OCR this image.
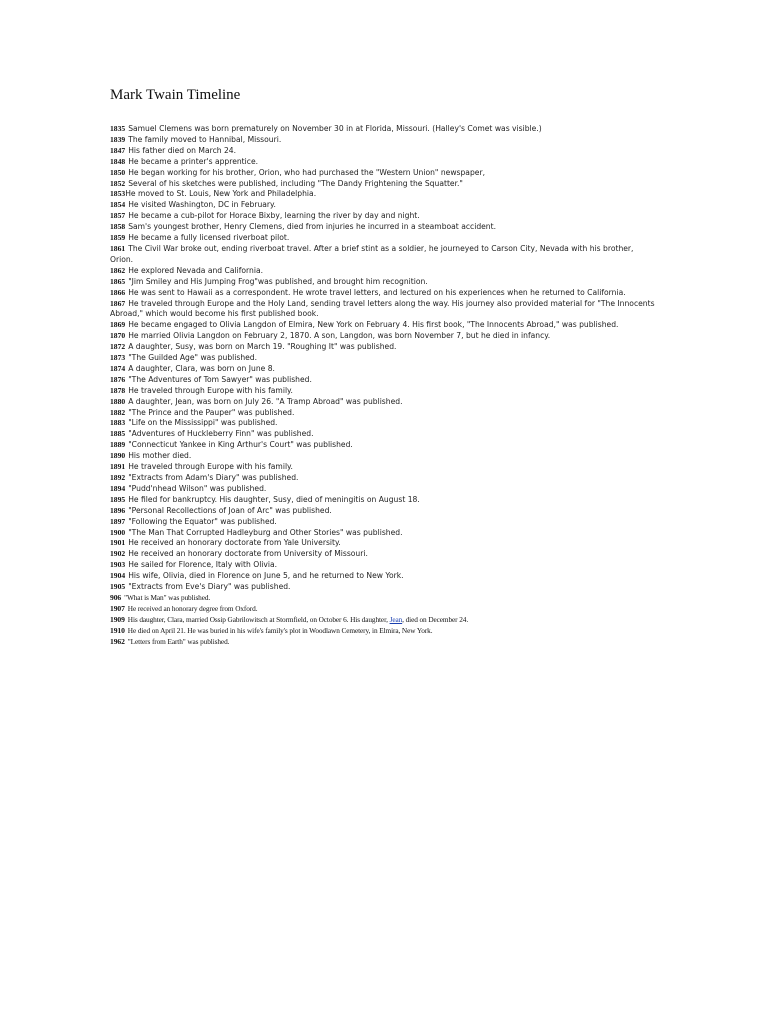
Mark Twain Timeline

1835 Samuel Clemens was born prematurely on November 30 in at Florida, Missouri. (Halley's Comet was visible.)

1839 The family moved to Hannibal, Missouri.

1847 His father died on March 24.

1848 He became a printer's apprentice.

1850 He began working for his brother, Orion, who had purchased the "Western Union" newspaper,

1852 Several of his sketches were published, including "The Dandy Frightening the Squatter."

1853He moved to St. Louis, New York and Philadelphia.

1854 He visited Washington, DC in February.

1857 He became a cub-pilot for Horace Bixby, learning the river by day and night.

1858 Sam's youngest brother, Henry Clemens, died from injuries he incurred in a steamboat accident.

1859 He became a fully licensed riverboat pilot.

1861 The Civil War broke out, ending riverboat travel. After a brief stint as a soldier, he journeyed to Carson City, Nevada with his brother, Orion.

1862 He explored Nevada and California.

1865 "Jim Smiley and His Jumping Frog"was published, and brought him recognition.

1866 He was sent to Hawaii as a correspondent. He wrote travel letters, and lectured on his experiences when he returned to California.

1867 He traveled through Europe and the Holy Land, sending travel letters along the way. His journey also provided material for "The Innocents Abroad," which would become his first published book.

1869 He became engaged to Olivia Langdon of Elmira, New York on February 4. His first book, "The Innocents Abroad," was published.

1870 He married Olivia Langdon on February 2, 1870. A son, Langdon, was born November 7, but he died in infancy.

1872 A daughter, Susy, was born on March 19. "Roughing It" was published.

1873 "The Guilded Age" was published.

1874 A daughter, Clara, was born on June 8.

1876 "The Adventures of Tom Sawyer" was published.

1878 He traveled through Europe with his family.

1880 A daughter, Jean, was born on July 26. "A Tramp Abroad" was published.

1882 "The Prince and the Pauper" was published.

1883 "Life on the Mississippi" was published.

1885 "Adventures of Huckleberry Finn" was published.

1889 "Connecticut Yankee in King Arthur's Court" was published.

1890 His mother died.

1891 He traveled through Europe with his family.

1892 "Extracts from Adam's Diary" was published.

1894 "Pudd'nhead Wilson" was published.

1895 He filed for bankruptcy. His daughter, Susy, died of meningitis on August 18.

1896 "Personal Recollections of Joan of Arc" was published.

1897 "Following the Equator" was published.

1900 "The Man That Corrupted Hadleyburg and Other Stories" was published.

1901 He received an honorary doctorate from Yale University.

1902 He received an honorary doctorate from University of Missouri.

1903 He sailed for Florence, Italy with Olivia.

1904 His wife, Olivia, died in Florence on June 5, and he returned to New York.

1905 "Extracts from Eve's Diary" was published.

906 "What is Man" was published.

1907 He received an honorary degree from Oxford.

1909 His daughter, Clara, married Ossip Gabrilowitsch at Stormfield, on October 6. His daughter, Jean, died on December 24.

1910 He died on April 21. He was buried in his wife's family's plot in Woodlawn Cemetery, in Elmira, New York.

1962 "Letters from Earth" was published.
